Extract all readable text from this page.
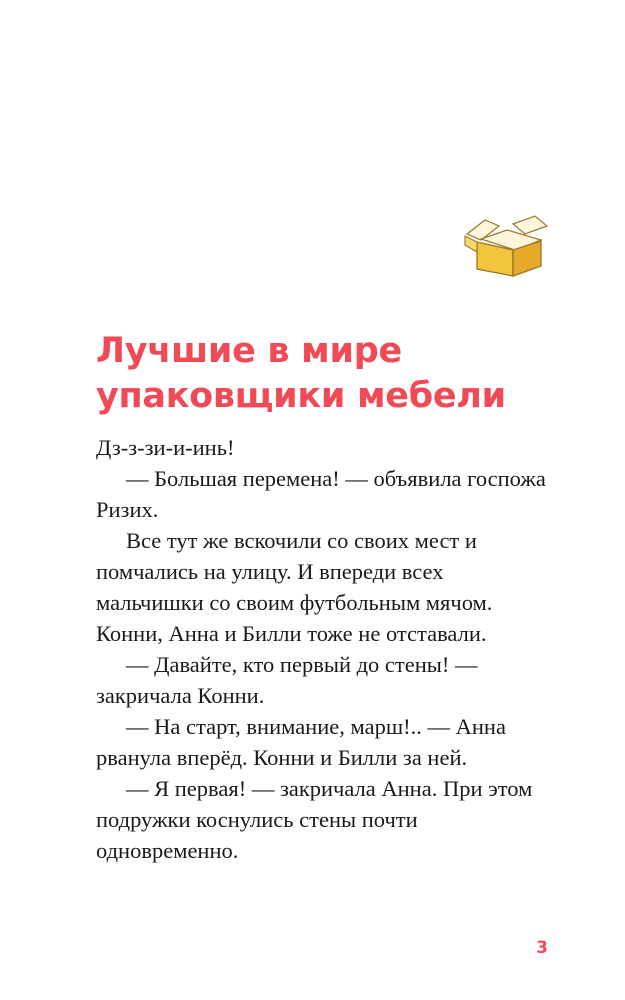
Лучшие в мире
упаковщики мебели

Дз-з-зи-и-инь!

— Большая перемена! — объявила госпожа Ризих.

Все тут же вскочили со своих мест и помчались на улицу. И впереди всех мальчишки со своим футбольным мячом. Конни, Анна и Билли тоже не отставали.

— Давайте, кто первый до стены! — закричала Конни.

— На старт, внимание, марш!.. — Анна рванула вперёд. Конни и Билли за ней.

— Я первая! — закричала Анна. При этом подружки коснулись стены почти одновременно.

3
